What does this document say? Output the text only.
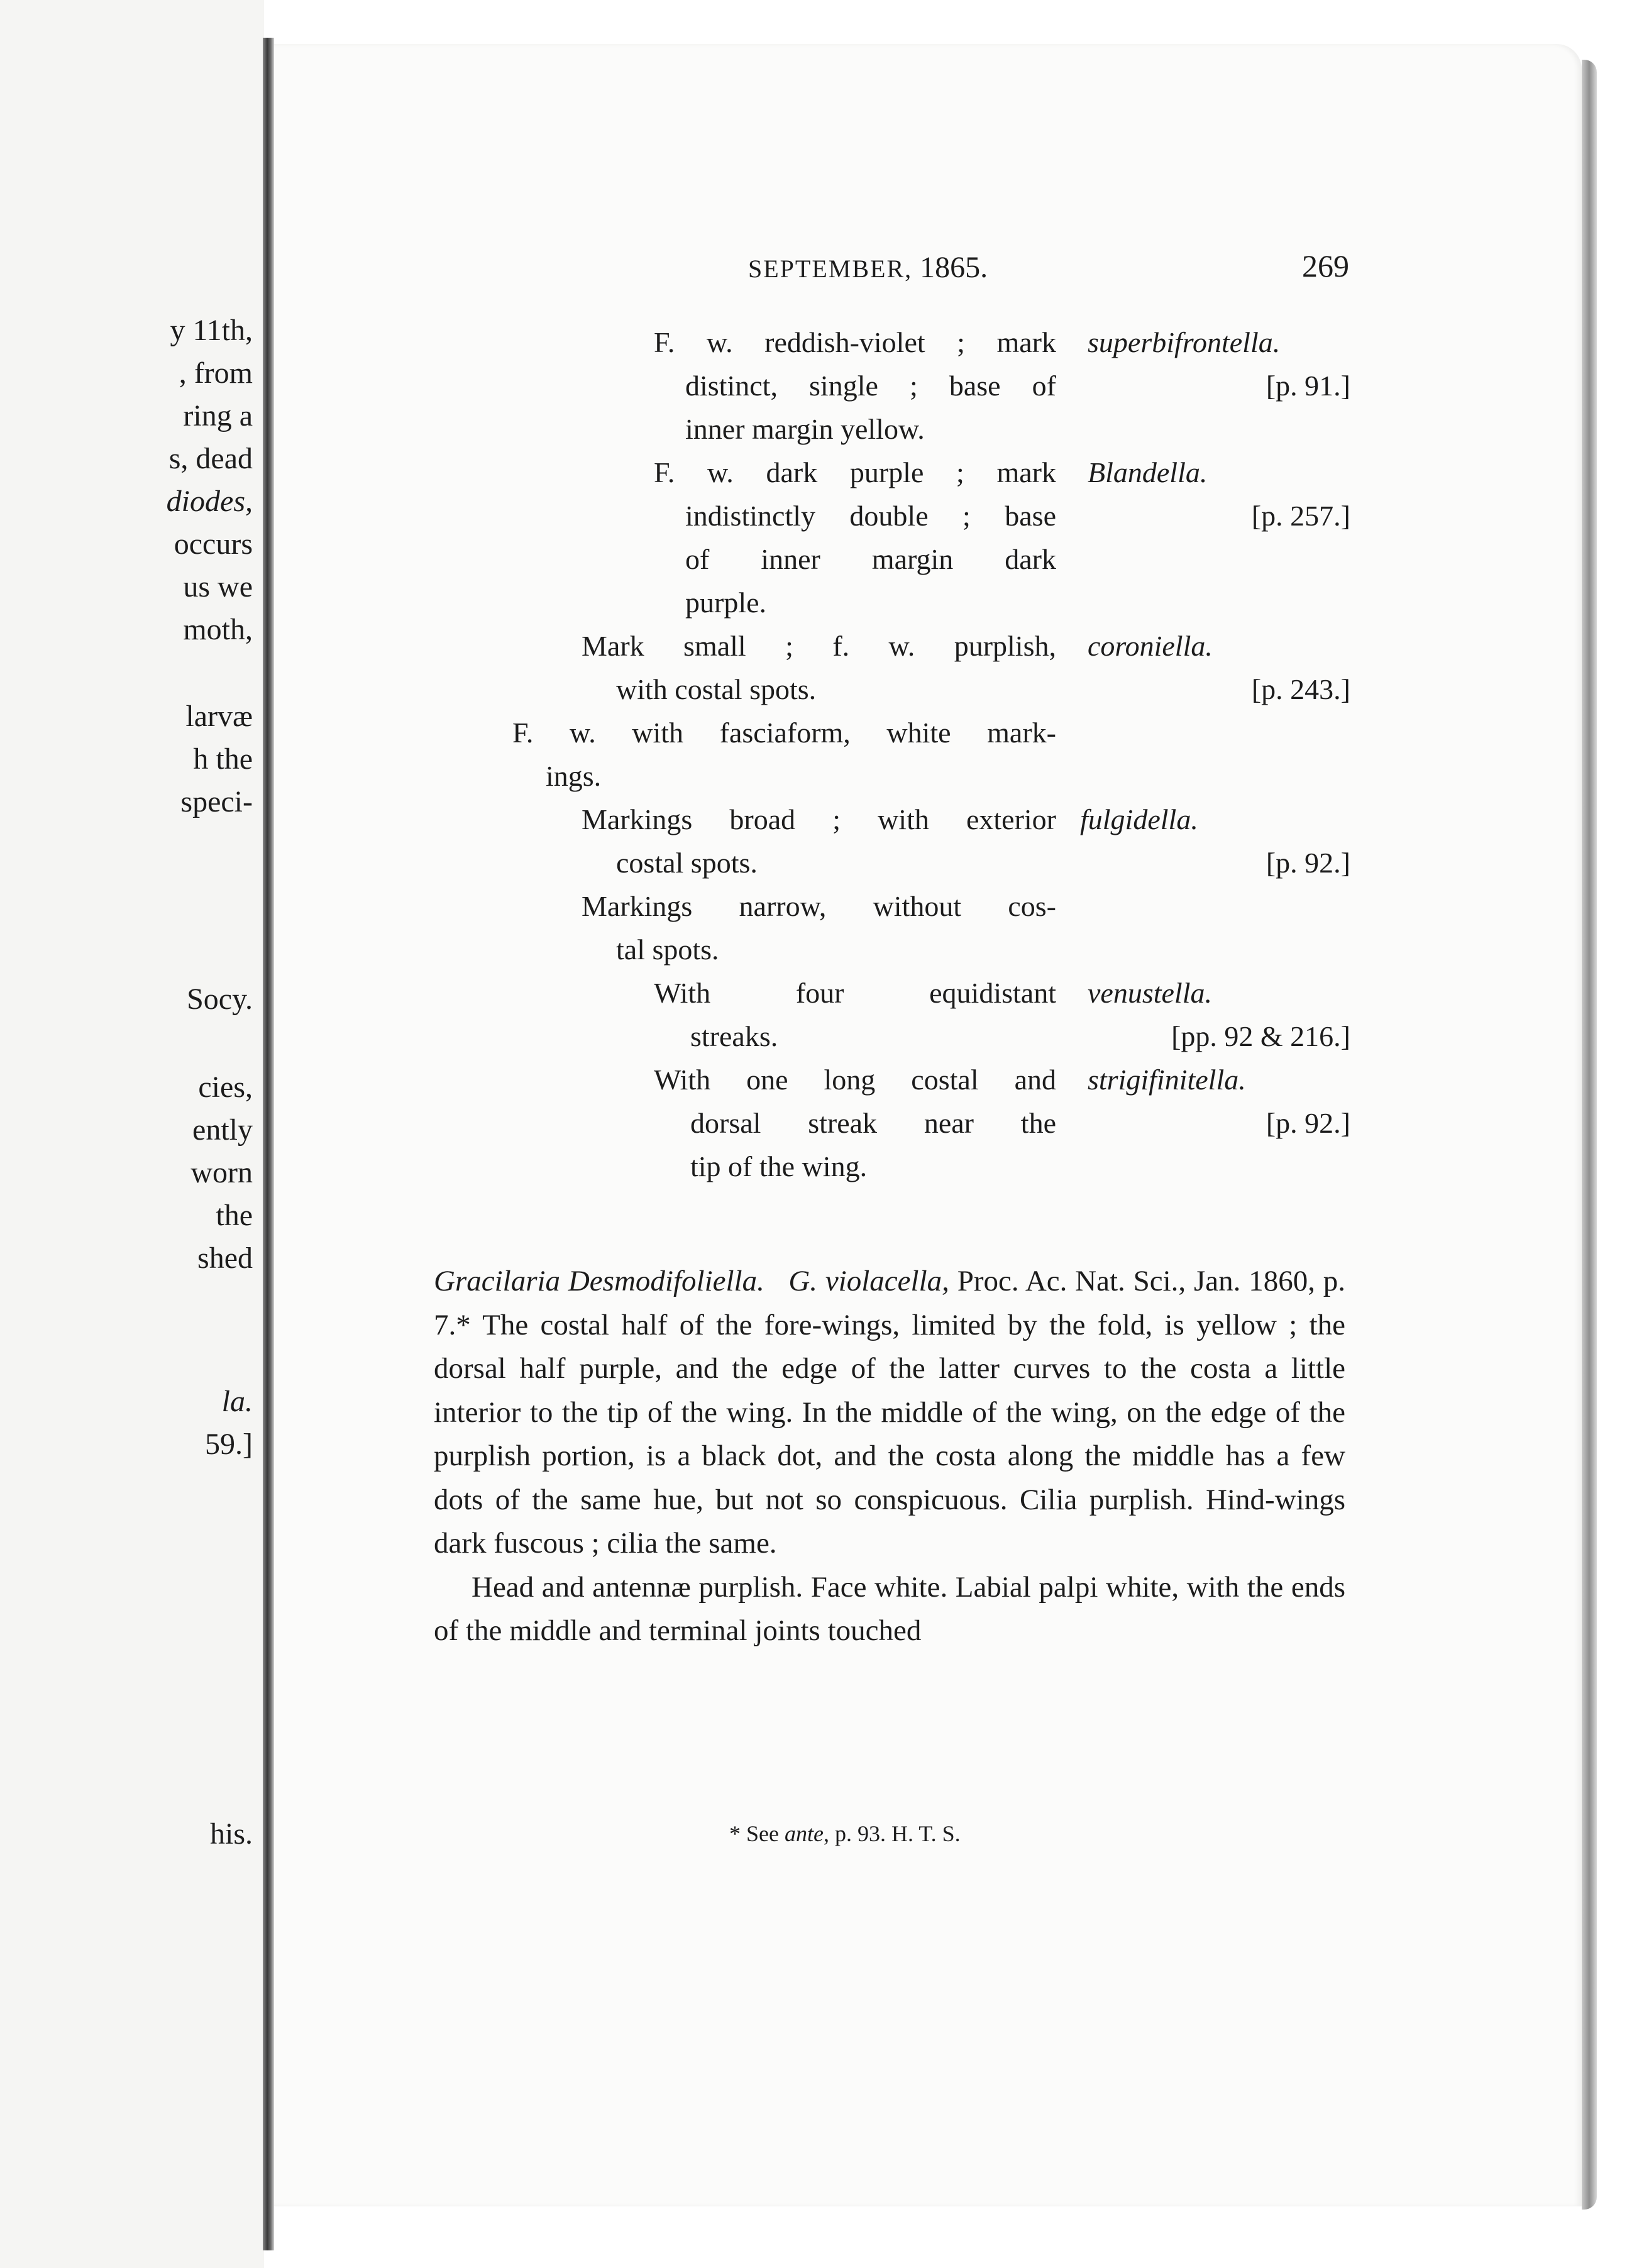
y 11th,
, from
ring a
s, dead
diodes,
occurs
us we
moth,
larvæ
h the
speci-
Socy.
cies,
ently
worn
the
shed
la.
59.]
his.
SEPTEMBER, 1865.	269
F. w. reddish-violet ; mark
distinct, single ; base of
inner margin yellow.
superbifrontella.
[p. 91.]
F. w. dark purple ; mark
indistinctly double ; base
of inner margin dark
purple.
Blandella.
[p. 257.]
Mark small ; f. w. purplish,
with costal spots.
coroniella.
[p. 243.]
F. w. with fasciaform, white mark-
ings.
Markings broad ; with exterior
costal spots.
fulgidella.
[p. 92.]
Markings narrow, without cos-
tal spots.
With four equidistant
streaks.
venustella.
[pp. 92 & 216.]
With one long costal and
dorsal streak near the
tip of the wing.
strigifinitella.
[p. 92.]

Gracilaria Desmodifoliella. G. violacella, Proc. Ac. Nat. Sci., Jan. 1860, p. 7.* The costal half of the fore-wings, limited by the fold, is yellow ; the dorsal half purple, and the edge of the latter curves to the costa a little interior to the tip of the wing. In the middle of the wing, on the edge of the purplish portion, is a black dot, and the costa along the middle has a few dots of the same hue, but not so conspicuous. Cilia purplish. Hind-wings dark fuscous ; cilia the same.

Head and antennæ purplish. Face white. Labial palpi white, with the ends of the middle and terminal joints touched

* See ante, p. 93. H. T. S.
